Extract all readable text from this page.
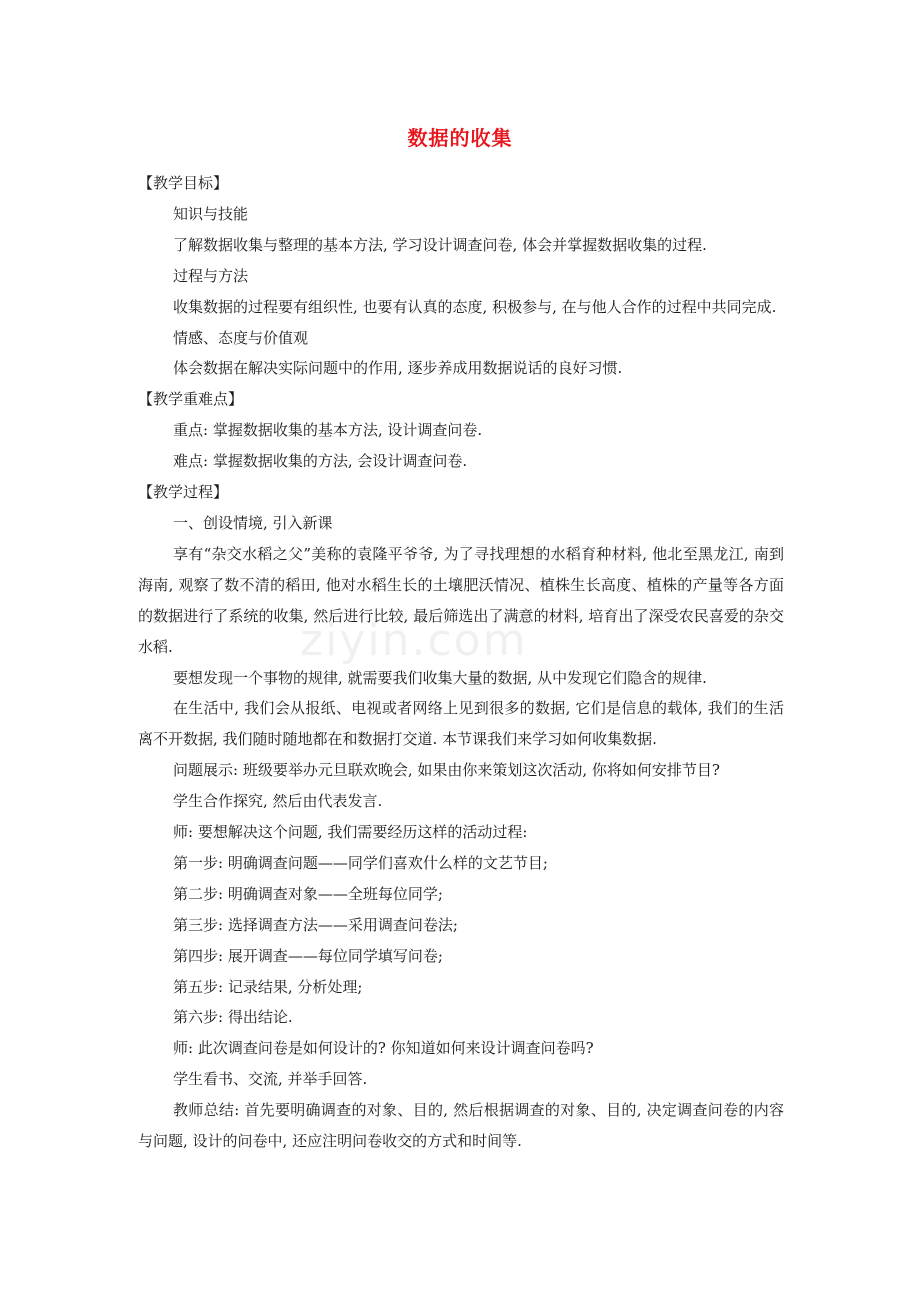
数据的收集

【教学目标】

知识与技能

了解数据收集与整理的基本方法, 学习设计调查问卷, 体会并掌握数据收集的过程.

过程与方法

收集数据的过程要有组织性, 也要有认真的态度, 积极参与, 在与他人合作的过程中共同完成.

情感、态度与价值观

体会数据在解决实际问题中的作用, 逐步养成用数据说话的良好习惯.

【教学重难点】

重点: 掌握数据收集的基本方法, 设计调查问卷.

难点: 掌握数据收集的方法, 会设计调查问卷.

【教学过程】

一、创设情境, 引入新课

享有“杂交水稻之父”美称的袁隆平爷爷, 为了寻找理想的水稻育种材料, 他北至黑龙江, 南到海南, 观察了数不清的稻田, 他对水稻生长的土壤肥沃情况、植株生长高度、植株的产量等各方面的数据进行了系统的收集, 然后进行比较, 最后筛选出了满意的材料, 培育出了深受农民喜爱的杂交水稻.

要想发现一个事物的规律, 就需要我们收集大量的数据, 从中发现它们隐含的规律.

在生活中, 我们会从报纸、电视或者网络上见到很多的数据, 它们是信息的载体, 我们的生活离不开数据, 我们随时随地都在和数据打交道. 本节课我们来学习如何收集数据.

问题展示: 班级要举办元旦联欢晚会, 如果由你来策划这次活动, 你将如何安排节目?

学生合作探究, 然后由代表发言.

师: 要想解决这个问题, 我们需要经历这样的活动过程:

第一步: 明确调查问题——同学们喜欢什么样的文艺节目;

第二步: 明确调查对象——全班每位同学;

第三步: 选择调查方法——采用调查问卷法;

第四步: 展开调查——每位同学填写问卷;

第五步: 记录结果, 分析处理;

第六步: 得出结论.

师: 此次调查问卷是如何设计的? 你知道如何来设计调查问卷吗?

学生看书、交流, 并举手回答.

教师总结: 首先要明确调查的对象、目的, 然后根据调查的对象、目的, 决定调查问卷的内容与问题, 设计的问卷中, 还应注明问卷收交的方式和时间等.

ziyin.com
